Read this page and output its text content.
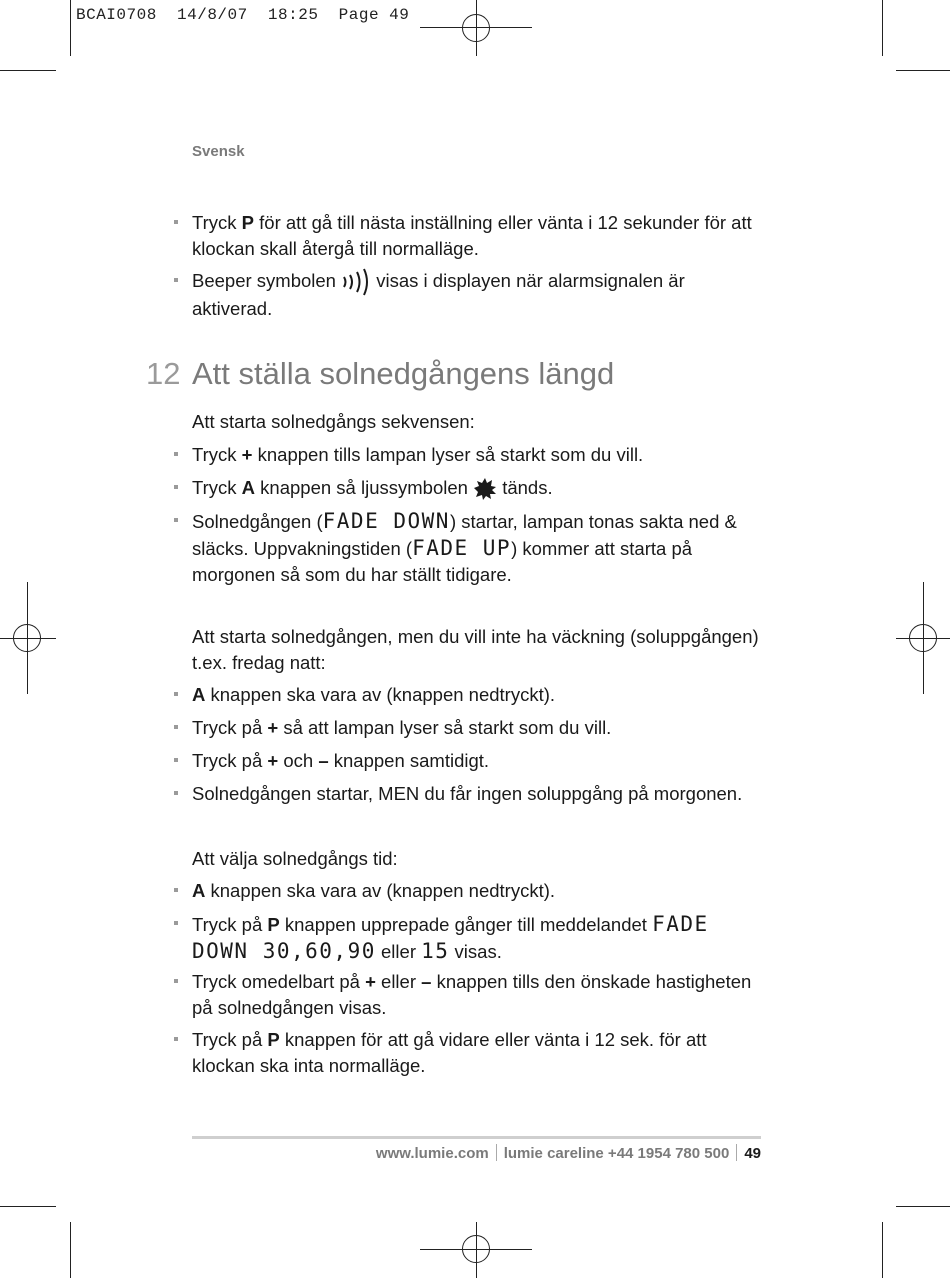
BCAI0708  14/8/07  18:25  Page 49
Svensk
Tryck P för att gå till nästa inställning eller vänta i 12 sekunder för att klockan skall återgå till normalläge.
Beeper symbolen  visas i displayen när alarmsignalen är aktiverad.
12 Att ställa solnedgångens längd
Att starta solnedgångs sekvensen:
Tryck + knappen tills lampan lyser så starkt som du vill.
Tryck A knappen så ljussymbolen  tänds.
Solnedgången (FADE DOWN) startar, lampan tonas sakta ned & släcks. Uppvakningstiden (FADE UP) kommer att starta på morgonen så som du har ställt tidigare.
Att starta solnedgången, men du vill inte ha väckning (soluppgången) t.ex. fredag natt:
A knappen ska vara av (knappen nedtryckt).
Tryck på + så att lampan lyser så starkt som du vill.
Tryck på + och – knappen samtidigt.
Solnedgången startar, MEN du får ingen soluppgång på morgonen.
Att välja solnedgångs tid:
A knappen ska vara av (knappen nedtryckt).
Tryck på P knappen upprepade gånger till meddelandet FADE DOWN 30,60,90 eller 15 visas.
Tryck omedelbart på + eller – knappen tills den önskade hastigheten på solnedgången visas.
Tryck på P knappen för att gå vidare eller vänta i 12 sek. för att klockan ska inta normalläge.
www.lumie.com lumie careline +44 1954 780 500 49
